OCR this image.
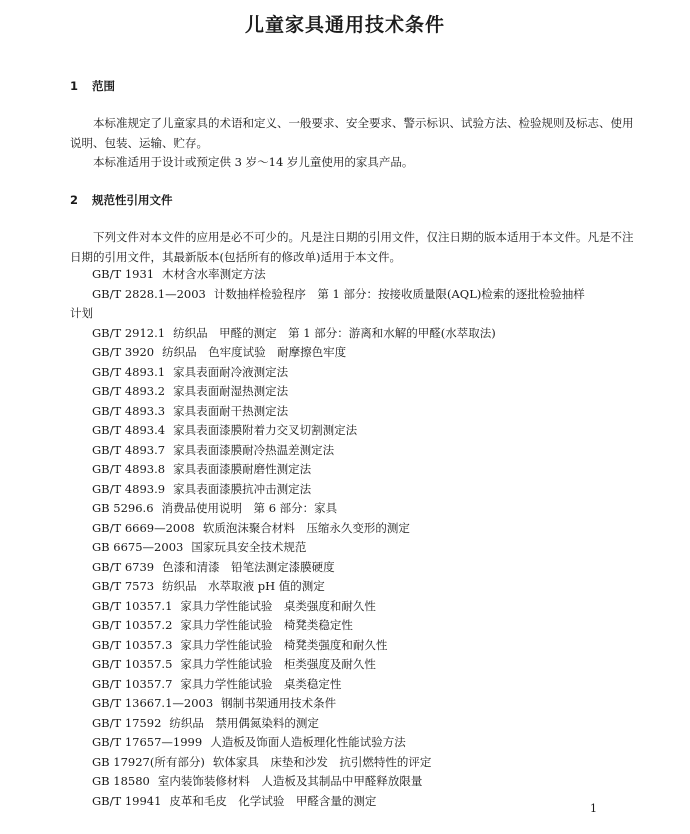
儿童家具通用技术条件
1 范围

本标准规定了儿童家具的术语和定义、一般要求、安全要求、警示标识、试验方法、检验规则及标志、使用说明、包装、运输、贮存。

本标准适用于设计或预定供 3 岁～14 岁儿童使用的家具产品。

2 规范性引用文件

下列文件对本文件的应用是必不可少的。凡是注日期的引用文件，仅注日期的版本适用于本文件。凡是不注日期的引用文件，其最新版本(包括所有的修改单)适用于本文件。

GB/T 1931 木材含水率测定方法
GB/T 2828.1—2003 计数抽样检验程序　第 1 部分：按接收质量限(AQL)检索的逐批检验抽样
计划
GB/T 2912.1 纺织品　甲醛的测定　第 1 部分：游离和水解的甲醛(水萃取法)
GB/T 3920 纺织品　色牢度试验　耐摩擦色牢度
GB/T 4893.1 家具表面耐冷液测定法
GB/T 4893.2 家具表面耐湿热测定法
GB/T 4893.3 家具表面耐干热测定法
GB/T 4893.4 家具表面漆膜附着力交叉切割测定法
GB/T 4893.7 家具表面漆膜耐冷热温差测定法
GB/T 4893.8 家具表面漆膜耐磨性测定法
GB/T 4893.9 家具表面漆膜抗冲击测定法
GB 5296.6 消费品使用说明　第 6 部分：家具
GB/T 6669—2008 软质泡沫聚合材料　压缩永久变形的测定
GB 6675—2003 国家玩具安全技术规范
GB/T 6739 色漆和清漆　铅笔法测定漆膜硬度
GB/T 7573 纺织品　水萃取液 pH 值的测定
GB/T 10357.1 家具力学性能试验　桌类强度和耐久性
GB/T 10357.2 家具力学性能试验　椅凳类稳定性
GB/T 10357.3 家具力学性能试验　椅凳类强度和耐久性
GB/T 10357.5 家具力学性能试验　柜类强度及耐久性
GB/T 10357.7 家具力学性能试验　桌类稳定性
GB/T 13667.1—2003 钢制书架通用技术条件
GB/T 17592 纺织品　禁用偶氮染料的测定
GB/T 17657—1999 人造板及饰面人造板理化性能试验方法
GB 17927(所有部分) 软体家具　床垫和沙发　抗引燃特性的评定
GB 18580 室内装饰装修材料　人造板及其制品中甲醛释放限量
GB/T 19941 皮革和毛皮　化学试验　甲醛含量的测定
1
